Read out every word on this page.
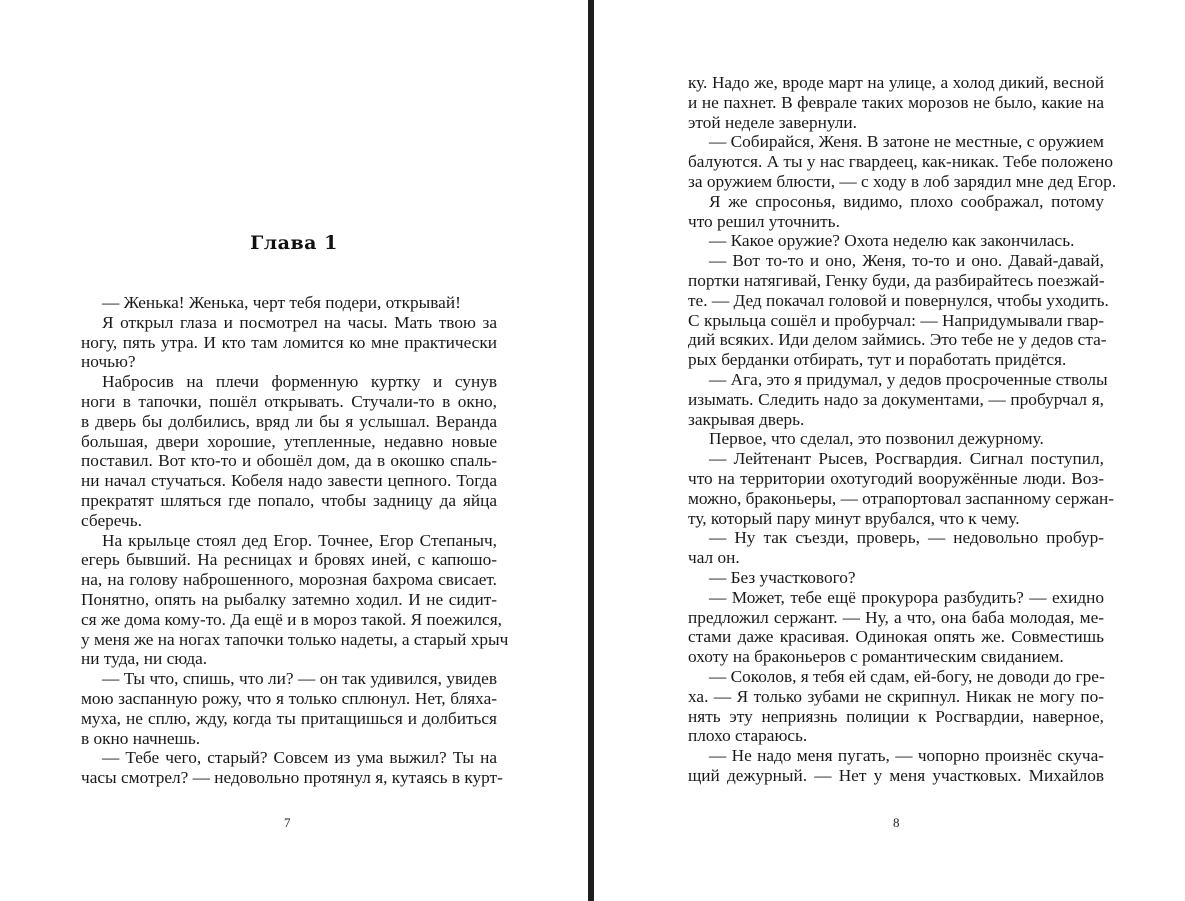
Глава 1
— Женька! Женька, черт тебя подери, открывай!
Я открыл глаза и посмотрел на часы. Мать твою за
ногу, пять утра. И кто там ломится ко мне практически
ночью?
Набросив на плечи форменную куртку и сунув
ноги в тапочки, пошёл открывать. Стучали-то в окно,
в дверь бы долбились, вряд ли бы я услышал. Веранда
большая, двери хорошие, утепленные, недавно новые
поставил. Вот кто-то и обошёл дом, да в окошко спаль-
ни начал стучаться. Кобеля надо завести цепного. Тогда
прекратят шляться где попало, чтобы задницу да яйца
сберечь.
На крыльце стоял дед Егор. Точнее, Егор Степаныч,
егерь бывший. На ресницах и бровях иней, с капюшо-
на, на голову наброшенного, морозная бахрома свисает.
Понятно, опять на рыбалку затемно ходил. И не сидит-
ся же дома кому-то. Да ещё и в мороз такой. Я поежился,
у меня же на ногах тапочки только надеты, а старый хрыч
ни туда, ни сюда.
— Ты что, спишь, что ли? — он так удивился, увидев
мою заспанную рожу, что я только сплюнул. Нет, бляха-
муха, не сплю, жду, когда ты притащишься и долбиться
в окно начнешь.
— Тебе чего, старый? Совсем из ума выжил? Ты на
часы смотрел? — недовольно протянул я, кутаясь в курт-
7
ку. Надо же, вроде март на улице, а холод дикий, весной
и не пахнет. В феврале таких морозов не было, какие на
этой неделе завернули.
— Собирайся, Женя. В затоне не местные, с оружием
балуются. А ты у нас гвардеец, как-никак. Тебе положено
за оружием блюсти, — с ходу в лоб зарядил мне дед Егор.
Я же спросонья, видимо, плохо соображал, потому
что решил уточнить.
— Какое оружие? Охота неделю как закончилась.
— Вот то-то и оно, Женя, то-то и оно. Давай-давай,
портки натягивай, Генку буди, да разбирайтесь поезжай-
те. — Дед покачал головой и повернулся, чтобы уходить.
С крыльца сошёл и пробурчал: — Напридумывали гвар-
дий всяких. Иди делом займись. Это тебе не у дедов ста-
рых берданки отбирать, тут и поработать придётся.
— Ага, это я придумал, у дедов просроченные стволы
изымать. Следить надо за документами, — пробурчал я,
закрывая дверь.
Первое, что сделал, это позвонил дежурному.
— Лейтенант Рысев, Росгвардия. Сигнал поступил,
что на территории охотугодий вооружённые люди. Воз-
можно, браконьеры, — отрапортовал заспанному сержан-
ту, который пару минут врубался, что к чему.
— Ну так съезди, проверь, — недовольно пробур-
чал он.
— Без участкового?
— Может, тебе ещё прокурора разбудить? — ехидно
предложил сержант. — Ну, а что, она баба молодая, ме-
стами даже красивая. Одинокая опять же. Совместишь
охоту на браконьеров с романтическим свиданием.
— Соколов, я тебя ей сдам, ей-богу, не доводи до гре-
ха. — Я только зубами не скрипнул. Никак не могу по-
нять эту неприязнь полиции к Росгвардии, наверное,
плохо стараюсь.
— Не надо меня пугать, — чопорно произнёс скуча-
щий дежурный. — Нет у меня участковых. Михайлов
8
